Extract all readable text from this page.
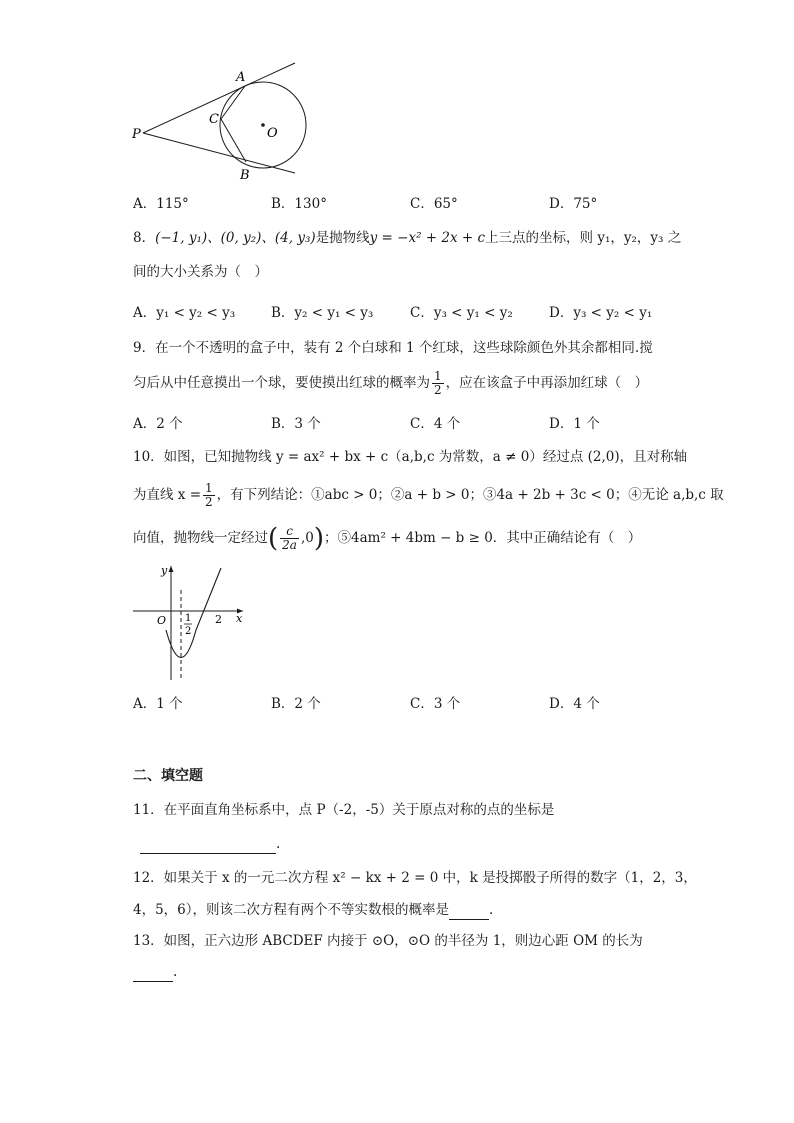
A
B
C
O
P
A．115°	B．130°	C．65°	D．75°
8．(−1, y₁)、(0, y₂)、(4, y₃)是抛物线y = −x² + 2x + c上三点的坐标，则 y₁，y₂，y₃ 之
间的大小关系为（　）
A．y₁ < y₂ < y₃	B．y₂ < y₁ < y₃	C．y₃ < y₁ < y₂	D．y₃ < y₂ < y₁
9．在一个不透明的盒子中，装有 2 个白球和 1 个红球，这些球除颜色外其余都相同.搅
匀后从中任意摸出一个球，要使摸出红球的概率为 $\frac{1}{2}$ ，应在该盒子中再添加红球（　）
A．2 个	B．3 个	C．4 个	D．1 个
10．如图，已知抛物线 y = ax² + bx + c（a,b,c 为常数，a ≠ 0）经过点 (2,0)，且对称轴
为直线 $x = \frac{1}{2}$ ，有下列结论：①abc > 0；②a + b > 0；③4a + 2b + 3c < 0；④无论 a,b,c 取
向值，抛物线一定经过( $\frac{c}{2a} ,0$)；⑤4am² + 4bm − b ≥ 0．其中正确结论有（　）
O
y
x
1
2
2
A．1 个	B．2 个	C．3 个	D．4 个
二、填空题
11．在平面直角坐标系中，点 P（-2，-5）关于原点对称的点的坐标是
.
12．如果关于 x 的一元二次方程 x² − kx + 2 = 0 中，k 是投掷骰子所得的数字（1，2，3，
4，5，6），则该二次方程有两个不等实数根的概率是	.
13．如图，正六边形 ABCDEF 内接于 ⊙O，⊙O 的半径为 1，则边心距 OM 的长为
.
